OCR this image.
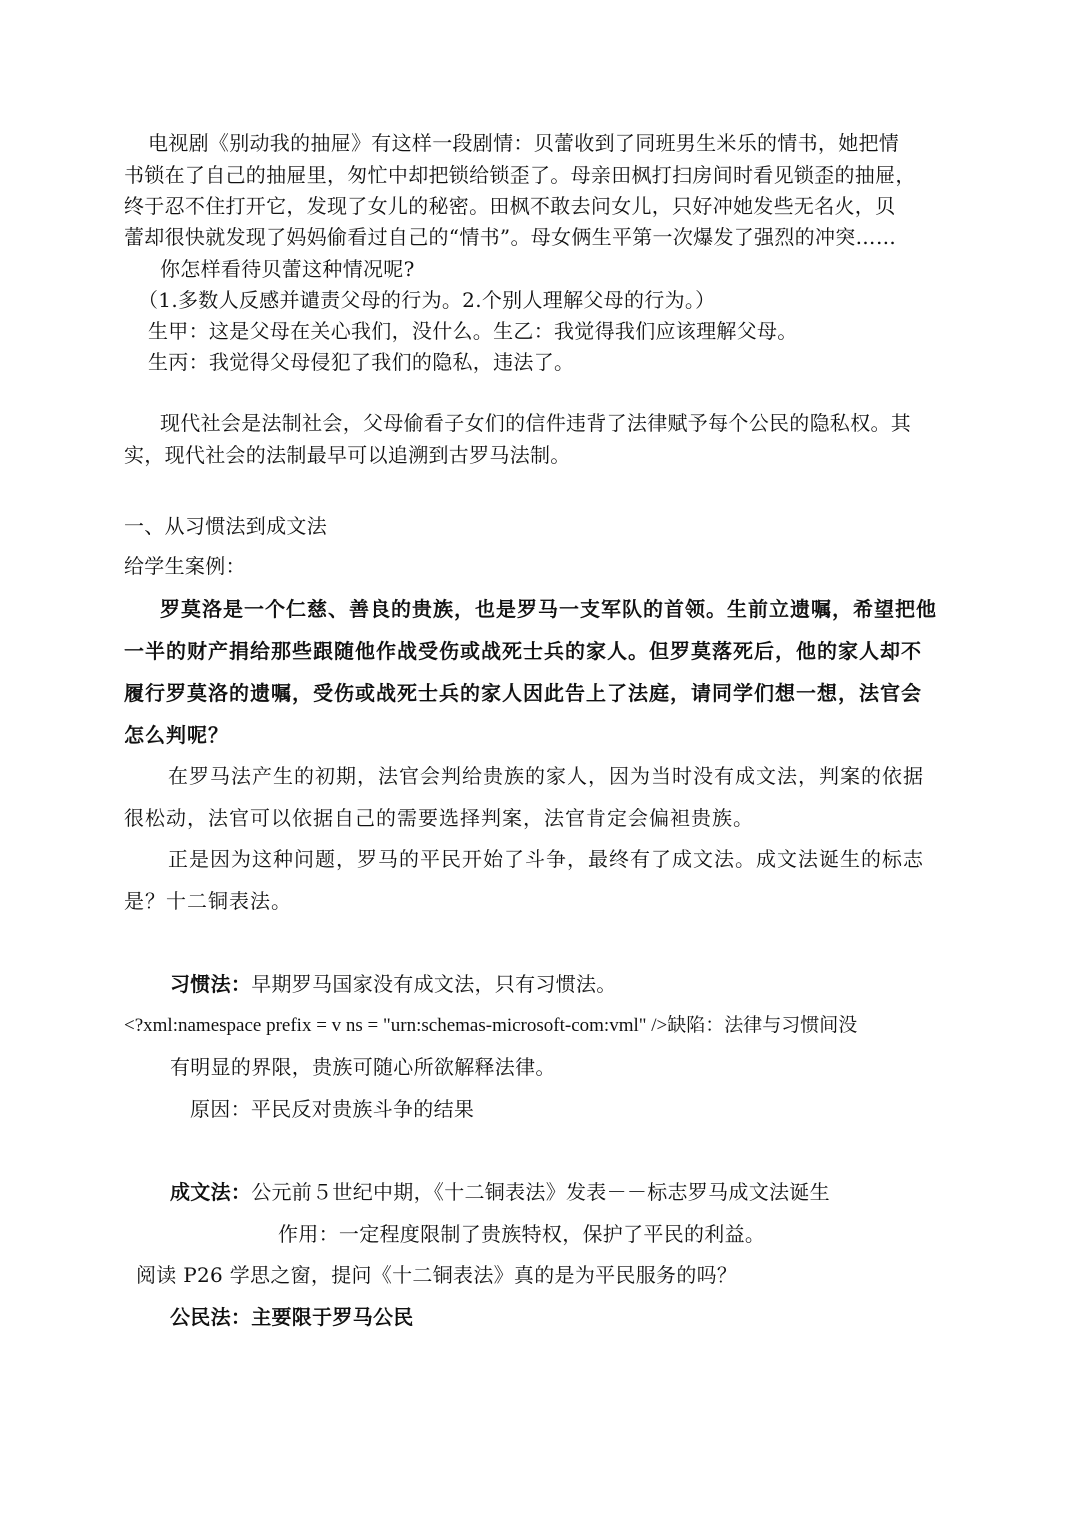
电视剧《别动我的抽屉》有这样一段剧情：贝蕾收到了同班男生米乐的情书，她把情
书锁在了自己的抽屉里，匆忙中却把锁给锁歪了。母亲田枫打扫房间时看见锁歪的抽屉，
终于忍不住打开它，发现了女儿的秘密。田枫不敢去问女儿，只好冲她发些无名火，贝
蕾却很快就发现了妈妈偷看过自己的“情书”。母女俩生平第一次爆发了强烈的冲突……
你怎样看待贝蕾这种情况呢?
（1.多数人反感并谴责父母的行为。2.个别人理解父母的行为。）
生甲：这是父母在关心我们，没什么。生乙：我觉得我们应该理解父母。
生丙：我觉得父母侵犯了我们的隐私，违法了。
现代社会是法制社会，父母偷看子女们的信件违背了法律赋予每个公民的隐私权。其
实，现代社会的法制最早可以追溯到古罗马法制。
一、从习惯法到成文法
给学生案例：
罗莫洛是一个仁慈、善良的贵族，也是罗马一支军队的首领。生前立遗嘱，希望把他
一半的财产捐给那些跟随他作战受伤或战死士兵的家人。但罗莫落死后，他的家人却不
履行罗莫洛的遗嘱，受伤或战死士兵的家人因此告上了法庭，请同学们想一想，法官会
怎么判呢？
在罗马法产生的初期，法官会判给贵族的家人，因为当时没有成文法，判案的依据
很松动，法官可以依据自己的需要选择判案，法官肯定会偏袒贵族。
正是因为这种问题，罗马的平民开始了斗争，最终有了成文法。成文法诞生的标志
是？十二铜表法。
习惯法：早期罗马国家没有成文法，只有习惯法。
<?xml:namespace prefix = v ns = "urn:schemas-microsoft-com:vml" />缺陷：法律与习惯间没
有明显的界限，贵族可随心所欲解释法律。
原因：平民反对贵族斗争的结果
成文法：公元前５世纪中期，《十二铜表法》发表－－标志罗马成文法诞生
作用：一定程度限制了贵族特权，保护了平民的利益。
阅读 P26 学思之窗，提问《十二铜表法》真的是为平民服务的吗？
公民法：主要限于罗马公民
